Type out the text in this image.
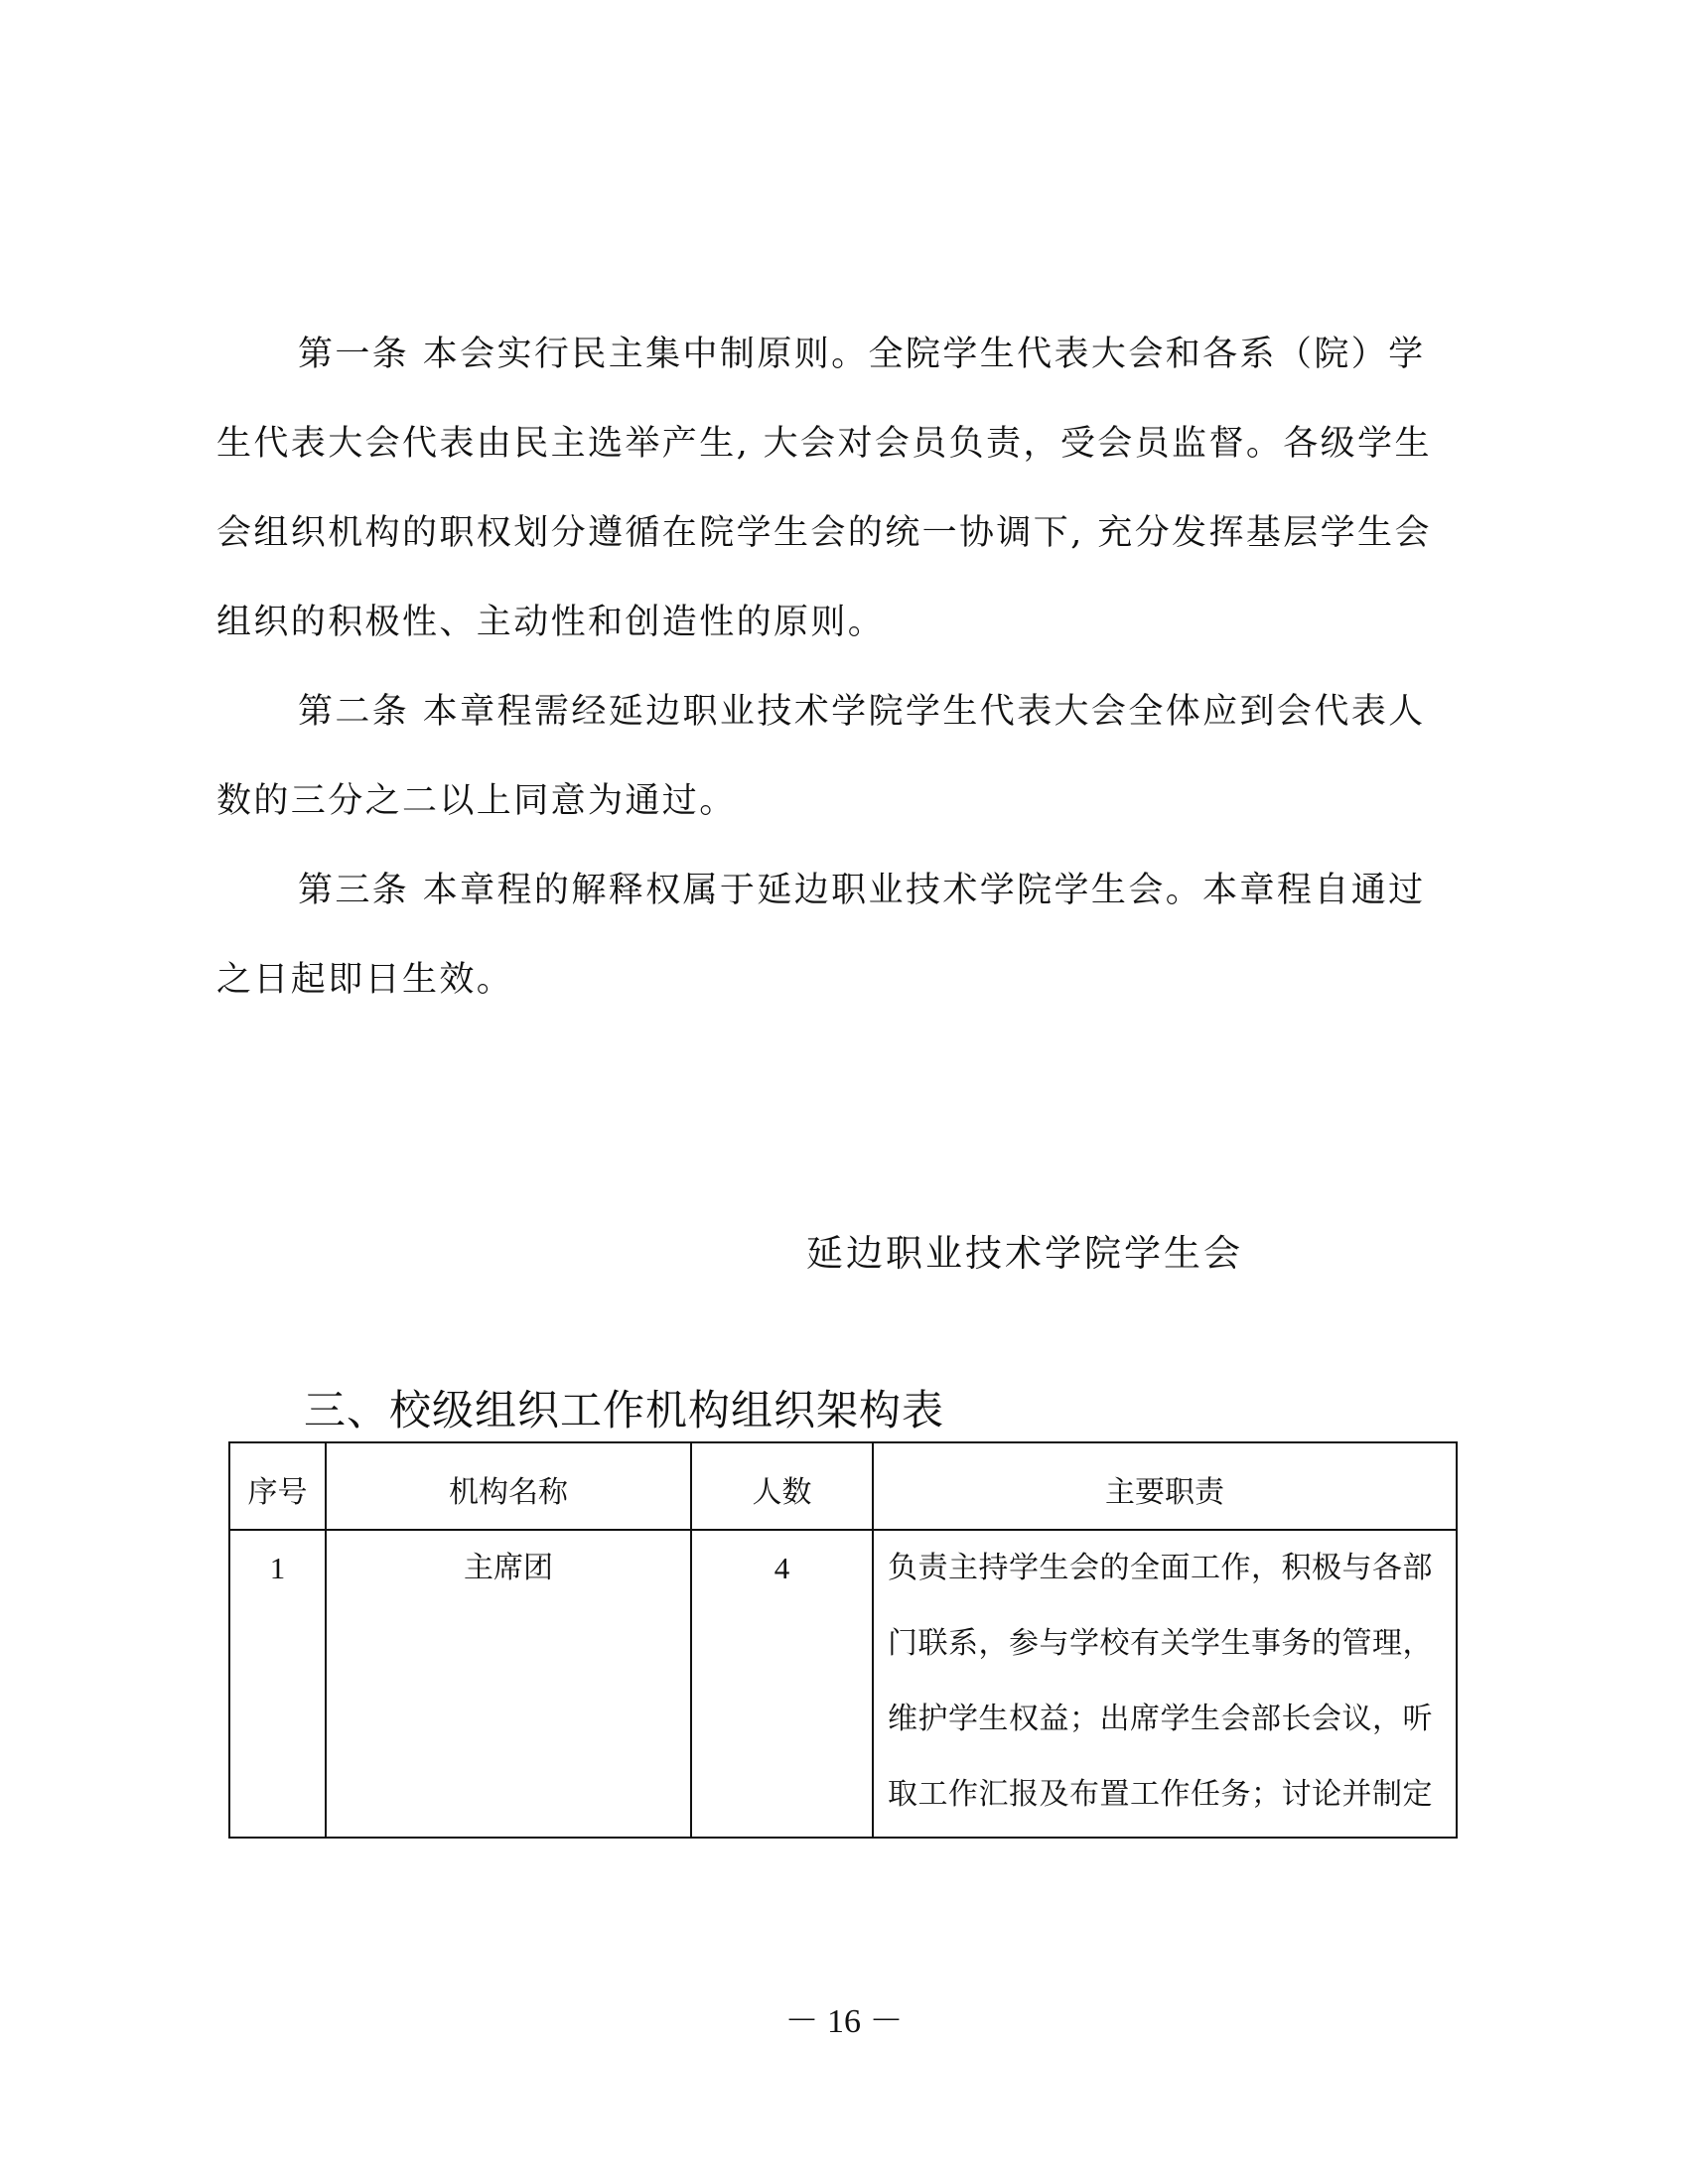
第一条 本会实行民主集中制原则。全院学生代表大会和各系（院）学生代表大会代表由民主选举产生, 大会对会员负责，受会员监督。各级学生会组织机构的职权划分遵循在院学生会的统一协调下, 充分发挥基层学生会组织的积极性、主动性和创造性的原则。

第二条 本章程需经延边职业技术学院学生代表大会全体应到会代表人数的三分之二以上同意为通过。

第三条 本章程的解释权属于延边职业技术学院学生会。本章程自通过之日起即日生效。

延边职业技术学院学生会

三、校级组织工作机构组织架构表
序号	机构名称	人数	主要职责

1	主席团	4	负责主持学生会的全面工作，积极与各部门联系，参与学校有关学生事务的管理，维护学生权益；出席学生会部长会议，听取工作汇报及布置工作任务；讨论并制定

－ 16 －
